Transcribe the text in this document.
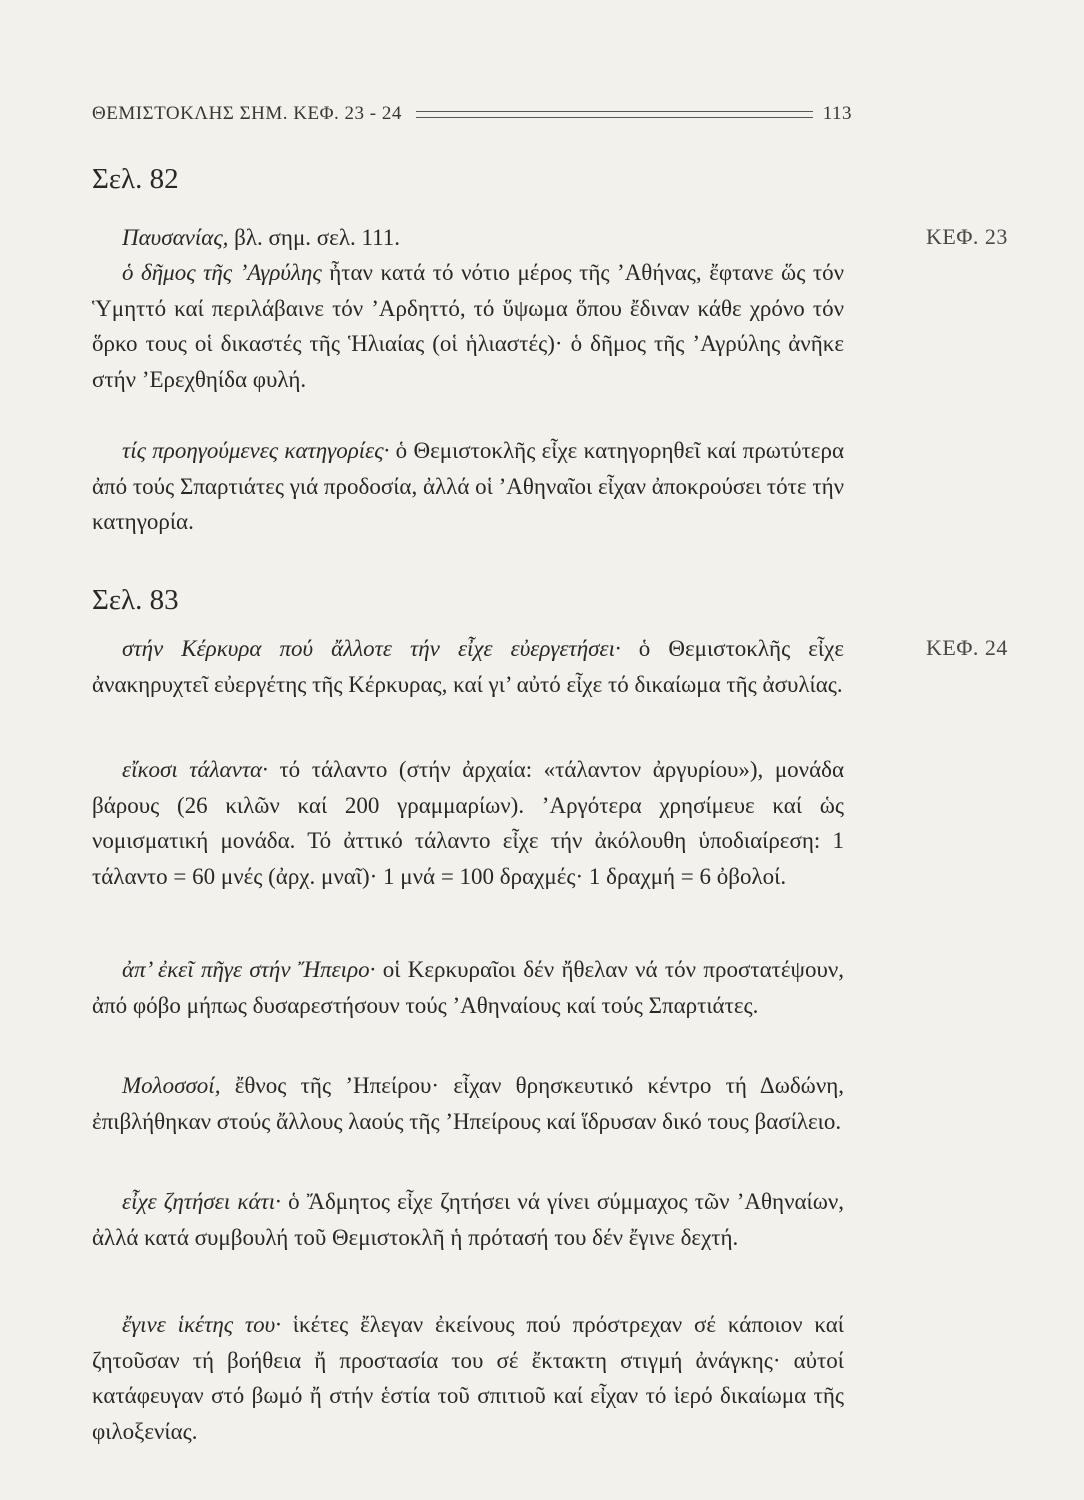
ΘΕΜΙΣΤΟΚΛΗΣ ΣΗΜ. ΚΕΦ. 23 - 24	113
Σελ. 82
ΚΕΦ. 23

Παυσανίας, βλ. σημ. σελ. 111.

ὁ δῆμος τῆς ’Αγρύλης ἦταν κατά τό νότιο μέρος τῆς ’Αθήνας, ἔφτανε ὥς τόν Ὑμηττό καί περιλάβαινε τόν ’Αρδηττό, τό ὕψωμα ὅπου ἔδιναν κάθε χρόνο τόν ὅρκο τους οἱ δικαστές τῆς Ἡλιαίας (οἱ ἡλιαστές)· ὁ δῆμος τῆς ’Αγρύλης ἀνῆκε στήν ’Ερεχθηίδα φυλή.

τίς προηγούμενες κατηγορίες· ὁ Θεμιστοκλῆς εἶχε κατηγορηθεῖ καί πρωτύτερα ἀπό τούς Σπαρτιάτες γιά προδοσία, ἀλλά οἱ ’Αθηναῖοι εἶχαν ἀποκρούσει τότε τήν κατηγορία.

Σελ. 83
ΚΕΦ. 24

στήν Κέρκυρα πού ἄλλοτε τήν εἶχε εὐεργετήσει· ὁ Θεμιστοκλῆς εἶχε ἀνακηρυχτεῖ εὐεργέτης τῆς Κέρκυρας, καί γι’ αὐτό εἶχε τό δικαίωμα τῆς ἀσυλίας.

εἴκοσι τάλαντα· τό τάλαντο (στήν ἀρχαία: «τάλαντον ἀργυρίου»), μονάδα βάρους (26 κιλῶν καί 200 γραμμαρίων). ’Αργότερα χρησίμευε καί ὡς νομισματική μονάδα. Τό ἀττικό τάλαντο εἶχε τήν ἀκόλουθη ὑποδιαίρεση: 1 τάλαντο = 60 μνές (ἀρχ. μναῖ)· 1 μνά = 100 δραχμές· 1 δραχμή = 6 ὀβολοί.

ἀπ’ ἐκεῖ πῆγε στήν Ἤπειρο· οἱ Κερκυραῖοι δέν ἤθελαν νά τόν προστατέψουν, ἀπό φόβο μήπως δυσαρεστήσουν τούς ’Αθηναίους καί τούς Σπαρτιάτες.

Μολοσσοί, ἔθνος τῆς ’Ηπείρου· εἶχαν θρησκευτικό κέντρο τή Δωδώνη, ἐπιβλήθηκαν στούς ἄλλους λαούς τῆς ’Ηπείρους καί ἵδρυσαν δικό τους βασίλειο.

εἶχε ζητήσει κάτι· ὁ Ἄδμητος εἶχε ζητήσει νά γίνει σύμμαχος τῶν ’Αθηναίων, ἀλλά κατά συμβουλή τοῦ Θεμιστοκλῆ ἡ πρότασή του δέν ἔγινε δεχτή.

ἔγινε ἱκέτης του· ἱκέτες ἔλεγαν ἐκείνους πού πρόστρεχαν σέ κάποιον καί ζητοῦσαν τή βοήθεια ἤ προστασία του σέ ἔκτακτη στιγμή ἀνάγκης· αὐτοί κατάφευγαν στό βωμό ἤ στήν ἑστία τοῦ σπιτιοῦ καί εἶχαν τό ἱερό δικαίωμα τῆς φιλοξενίας.
